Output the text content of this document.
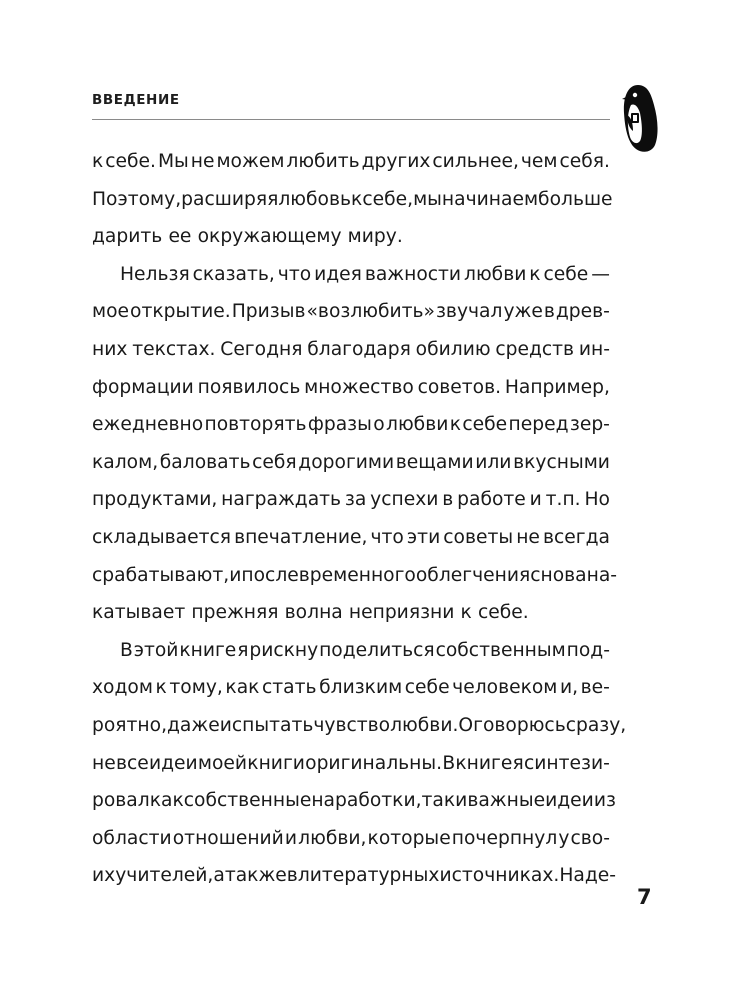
ВВЕДЕНИЕ
к себе. Мы не можем любить других сильнее, чем себя.
Поэтому, расширяя любовь к себе, мы начинаем больше
дарить ее окружающему миру.
Нельзя сказать, что идея важности любви к себе —
мое открытие. Призыв «возлюбить» звучал уже в древ-
них текстах. Сегодня благодаря обилию средств ин-
формации появилось множество советов. Например,
ежедневно повторять фразы о любви к себе перед зер-
калом, баловать себя дорогими вещами или вкусными
продуктами, награждать за успехи в работе и т.п. Но
складывается впечатление, что эти советы не всегда
срабатывают, и после временного облегчения снова на-
катывает прежняя волна неприязни к себе.
В этой книге я рискну поделиться собственным под-
ходом к тому, как стать близким себе человеком и, ве-
роятно, даже испытать чувство любви. Оговорюсь сразу,
не все идеи моей книги оригинальны. В книге я синтези-
ровал как собственные наработки, так и важные идеи из
области отношений и любви, которые почерпнул у сво-
их учителей, а также в литературных источниках. Наде-
7
